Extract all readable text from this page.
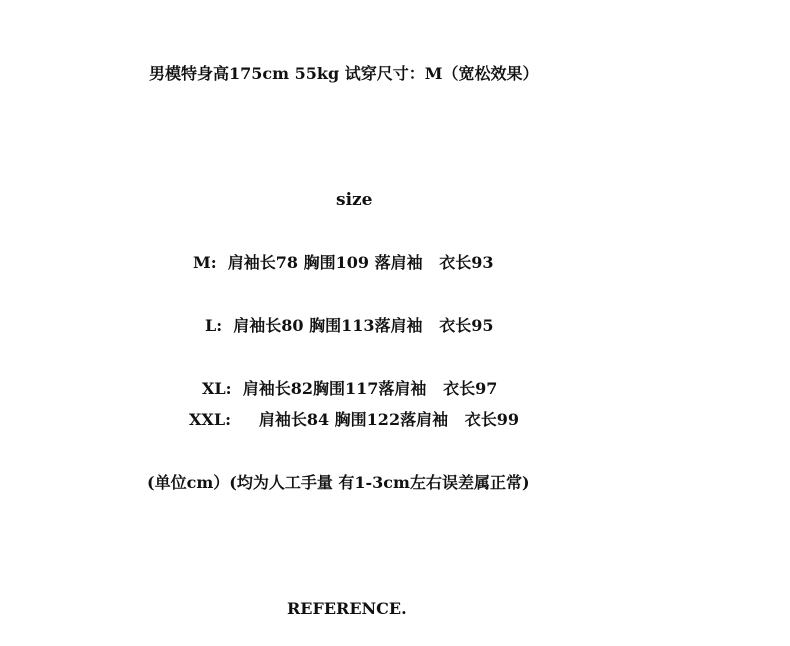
男模特身高175cm 55kg 试穿尺寸：M（宽松效果）
size
M:  肩袖长78 胸围109 落肩袖   衣长93
L:  肩袖长80 胸围113落肩袖   衣长95
XL:  肩袖长82胸围117落肩袖   衣长97
XXL:     肩袖长84 胸围122落肩袖   衣长99
(单位cm）(均为人工手量 有1-3cm左右误差属正常)
REFERENCE.
